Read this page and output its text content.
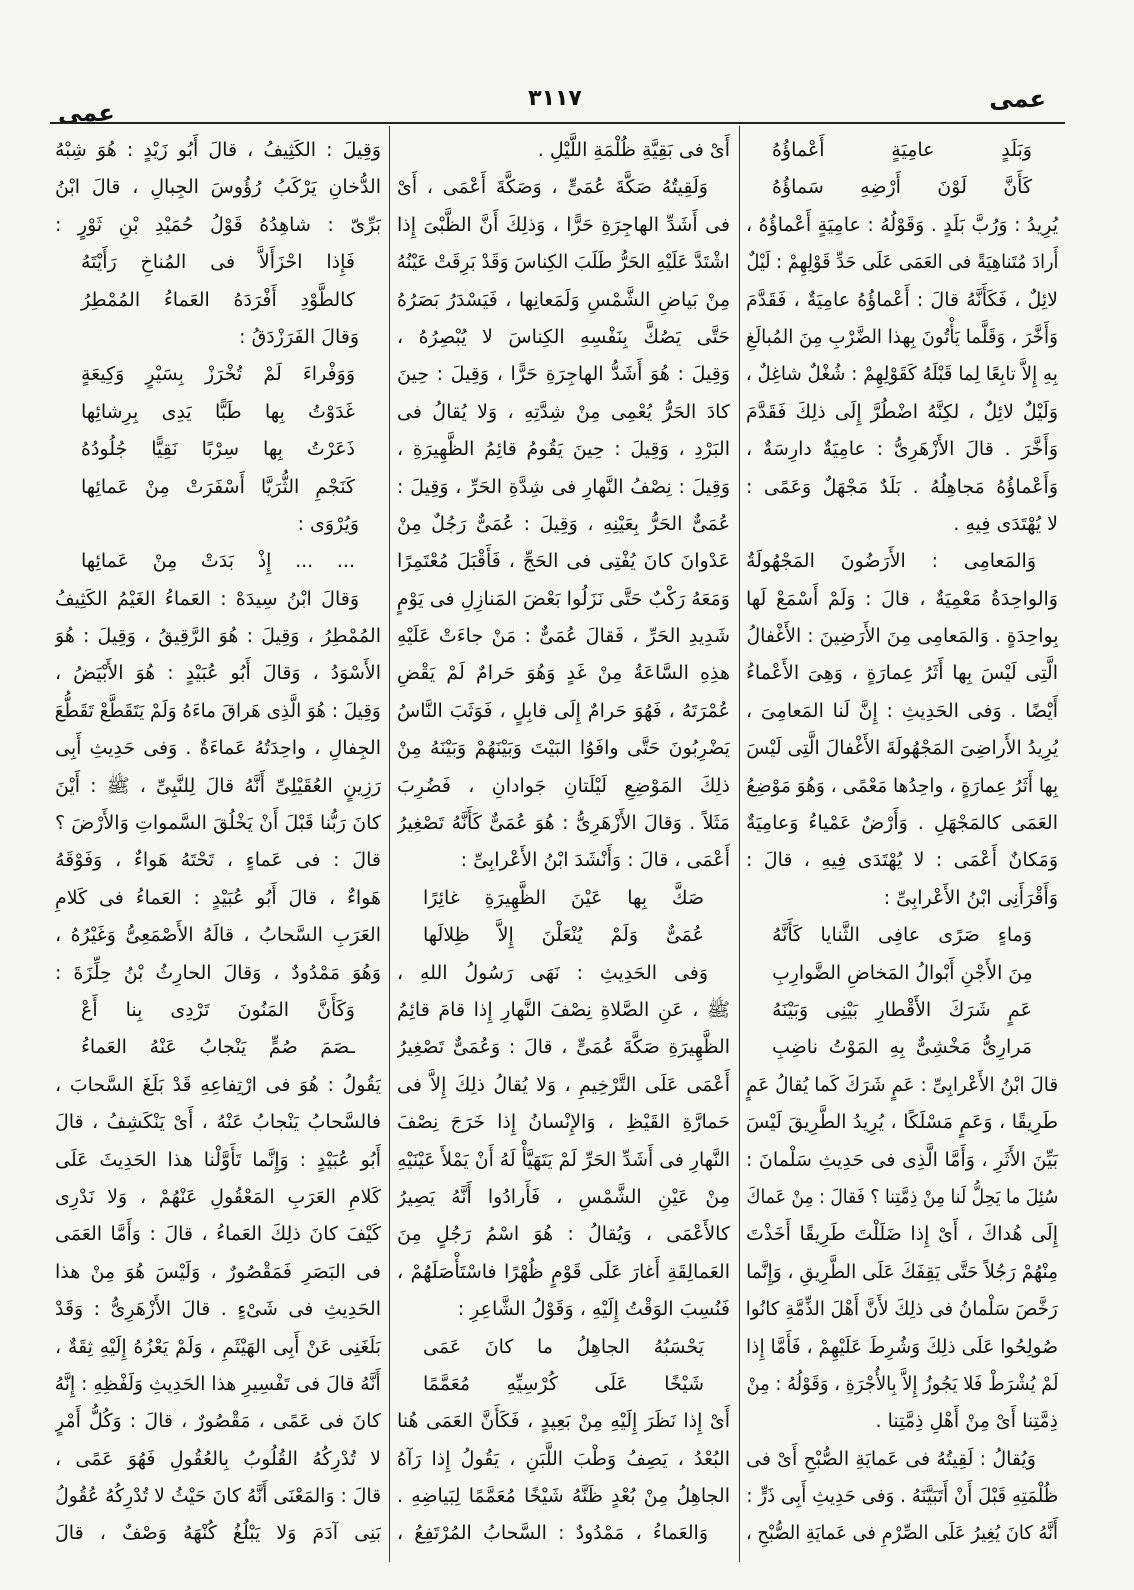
عمى
٣١١٧
عمى
وَبَلَدٍ عامِيَةٍ أَعْماؤُهُ
كَأَنَّ لَوْنَ أَرْضِهِ سَماؤُهُ
يُرِيدُ : وَرُبَّ بَلَدٍ . وَقَوْلُهُ : عامِيَةٍ أَعْماؤُهُ ،
أَرادَ مُتَناهِيَةً فى العَمَى عَلَى حَدِّ قَوْلِهِمْ : لَيْلٌ
لائِلٌ ، فَكَأَنَّهُ قالَ : أَعْماؤُهُ عامِيَةٌ ، فَقَدَّمَ
وَأَخَّرَ ، وَقَلَّما يَأْتُونَ بِهذا الضَّرْبِ مِنَ المُبالَغِ
بِهِ إِلاَّ تابِعًا لِما قَبْلَهُ كَقَوْلِهِمْ : شُغْلٌ شاغِلٌ ،
وَلَيْلٌ لائِلٌ ، لكِنَّهُ اضْطُرَّ إِلَى ذلِكَ فَقَدَّمَ
وَأَخَّرَ . قالَ الأَزْهَرِىُّ : عامِيَةٌ دارِسَةٌ ،
وَأَعْماؤُهُ مَجاهِلُهُ . بَلَدٌ مَجْهَلٌ وَعَمًى :
لا يُهْتَدَى فِيهِ .
وَالمَعامِى : الأَرَضُونَ المَجْهُولَةُ
وَالواحِدَةُ مَعْمِيَةٌ ، قالَ : وَلَمْ أَسْمَعْ لَها
بِواحِدَةٍ . وَالمَعامِى مِنَ الأَرَضِينَ : الأَغْفالُ
الَّتِى لَيْسَ بِها أَثَرُ عِمارَةٍ ، وَهِىَ الأَعْماءُ
أَيْضًا . وَفى الحَدِيثِ : إِنَّ لَنا المَعامِىَ ،
يُرِيدُ الأَراضِىَ المَجْهُولَةَ الأَغْفالَ الَّتِى لَيْسَ
بِها أَثَرُ عِمارَةٍ ، واحِدُها مَعْمًى ، وَهُوَ مَوْضِعُ
العَمَى كالمَجْهَلِ . وَأَرْضٌ عَمْياءُ وَعامِيَةٌ
وَمَكانٌ أَعْمَى : لا يُهْتَدَى فِيهِ ، قالَ :
وَأَقْرَأَنِى ابْنُ الأَعْرابِىِّ :
وَماءٍ صَرًى عافِى الثَّنايا كَأَنَّهُ
مِنَ الأَجْنِ أَبْوالُ المَخاضِ الضَّوارِبِ
عَمٍ شَرَكَ الأَقْطارِ بَيْنِى وَبَيْنَهُ
مَرارِىُّ مَخْشِىٌّ بِهِ المَوْتُ ناضِبِ
قالَ ابْنُ الأَعْرابِىِّ : عَمٍ شَرَكَ كَما يُقالُ عَمٍ
طَرِيقًا ، وَعَمٍ مَسْلَكًا ، يُرِيدُ الطَّرِيقَ لَيْسَ
بَيِّنَ الأَثَرِ ، وَأَمَّا الَّذِى فى حَدِيثِ سَلْمانَ :
سُئِلَ ما يَحِلُّ لَنا مِنْ ذِمَّتِنا ؟ فَقالَ : مِنْ عَماكَ
إِلَى هُداكَ ، أَىْ إِذا ضَلَلْتَ طَرِيقًا أَخَذْتَ
مِنْهُمْ رَجُلاً حَتَّى يَقِفَكَ عَلَى الطَّرِيقِ ، وَإِنَّما
رَخَّصَ سَلْمانُ فى ذلِكَ لأَنَّ أَهْلَ الذِّمَّةِ كانُوا
صُولِحُوا عَلَى ذلِكَ وَشُرِطَ عَلَيْهِمْ ، فَأَمَّا إِذا
لَمْ يُشْرَطْ فَلا يَجُوزُ إِلاَّ بِالأُجْرَةِ ، وَقَوْلُهُ : مِنْ
ذِمَّتِنا أَىْ مِنْ أَهْلِ ذِمَّتِنا .
وَيُقالُ : لَقِيتُهُ فى عَمايَةِ الصُّبْحِ أَىْ فى
ظُلْمَتِهِ قَبْلَ أَنْ أَتَبَيَّنَهُ . وَفى حَدِيثِ أَبِى ذَرٍّ :
أَنَّهُ كانَ يُغِيرُ عَلَى الصِّرْمِ فى عَمايَةِ الصُّبْحِ ،
أَىْ فى بَقِيَّةِ ظُلْمَةِ اللَّيْلِ .
وَلَقِيتُهُ صَكَّةَ عُمَىٍّ ، وَصَكَّةَ أَعْمَى ، أَىْ
فى أَشَدِّ الهاجِرَةِ حَرًّا ، وَذلِكَ أَنَّ الظَّبْىَ إِذا
اشْتَدَّ عَلَيْهِ الحَرُّ طَلَبَ الكِناسَ وَقَدْ بَرِقَتْ عَيْنُهُ
مِنْ بَياضِ الشَّمْسِ وَلَمَعانِها ، فَيَسْدَرُ بَصَرُهُ
حَتَّى يَصُكَّ بِنَفْسِهِ الكِناسَ لا يُبْصِرُهُ ،
وَقِيلَ : هُوَ أَشَدُّ الهاجِرَةِ حَرًّا ، وَقِيلَ : حِينَ
كادَ الحَرُّ يُعْمِى مِنْ شِدَّتِهِ ، وَلا يُقالُ فى
البَرْدِ ، وَقِيلَ : حِينَ يَقُومُ قائِمُ الظَّهِيرَةِ ،
وَقِيلَ : نِصْفُ النَّهارِ فى شِدَّةِ الحَرِّ ، وَقِيلَ :
عُمَىٌّ الحَرُّ بِعَيْنِهِ ، وَقِيلَ : عُمَىٌّ رَجُلٌ مِنْ
عَدْوانَ كانَ يُفْتِى فى الحَجِّ ، فَأَقْبَلَ مُعْتَمِرًا
وَمَعَهُ رَكْبٌ حَتَّى نَزَلُوا بَعْضَ المَنازِلِ فى يَوْمٍ
شَدِيدِ الحَرِّ ، فَقالَ عُمَىٌّ : مَنْ جاءَتْ عَلَيْهِ
هذِهِ السَّاعَةُ مِنْ غَدٍ وَهُوَ حَرامٌ لَمْ يَقْضِ
عُمْرَتَهُ ، فَهُوَ حَرامٌ إِلَى قابِلٍ ، فَوَثَبَ النَّاسُ
يَضْرِبُونَ حَتَّى وافَوُا البَيْتَ وَبَيْنَهُمْ وَبَيْنَهُ مِنْ
ذلِكَ المَوْضِعِ لَيْلَتانِ جَوادانِ ، فَضُرِبَ
مَثَلاً . وَقالَ الأَزْهَرِىُّ : هُوَ عُمَىٌّ كَأَنَّهُ تَصْغِيرُ
أَعْمَى ، قالَ : وَأَنْشَدَ ابْنُ الأَعْرابِىِّ :
صَكَّ بِها عَيْنَ الظَّهِيرَةِ غائِرًا
عُمَىٌّ وَلَمْ يُنْعَلْنَ إِلاَّ ظِلالَها
وَفى الحَدِيثِ : نَهَى رَسُولُ اللهِ ،
ﷺ ، عَنِ الصَّلاةِ نِصْفَ النَّهارِ إِذا قامَ قائِمُ
الظَّهِيرَةِ صَكَّةَ عُمَىٍّ ، قالَ : وَعُمَىٌّ تَصْغِيرُ
أَعْمَى عَلَى التَّرْخِيمِ ، وَلا يُقالُ ذلِكَ إِلاَّ فى
حَمارَّةِ القَيْظِ ، وَالإِنْسانُ إِذا خَرَجَ نِصْفَ
النَّهارِ فى أَشَدِّ الحَرِّ لَمْ يَتَهَيَّأْ لَهُ أَنْ يَمْلأَ عَيْنَيْهِ
مِنْ عَيْنِ الشَّمْسِ ، فَأَرادُوا أَنَّهُ يَصِيرُ
كالأَعْمَى ، وَيُقالُ : هُوَ اسْمُ رَجُلٍ مِنَ
العَمالِقَةِ أَغارَ عَلَى قَوْمٍ ظُهْرًا فاسْتَأْصَلَهُمْ ،
فَنُسِبَ الوَقْتُ إِلَيْهِ ، وَقَوْلُ الشَّاعِرِ :
يَحْسَبُهُ الجاهِلُ ما كانَ عَمَى
شَيْخًا عَلَى كُرْسِيِّهِ مُعَمَّمًا
أَىْ إِذا نَظَرَ إِلَيْهِ مِنْ بَعِيدٍ ، فَكَأَنَّ العَمَى هُنا
البُعْدُ ، يَصِفُ وَطْبَ اللَّبَنِ ، يَقُولُ إِذا رَآهُ
الجاهِلُ مِنْ بُعْدٍ ظَنَّهُ شَيْخًا مُعَمَّمًا لِبَياضِهِ .
وَالعَماءُ ، مَمْدُودٌ : السَّحابُ المُرْتَفِعُ ،
وَقِيلَ : الكَثِيفُ ، قالَ أَبُو زَيْدٍ : هُوَ شِبْهُ
الدُّخانِ يَرْكَبُ رُؤُوسَ الجِبالِ ، قالَ ابْنُ
بَرِّىّ : شاهِدُهُ قَوْلُ حُمَيْدِ بْنِ ثَوْرٍ :
فَإِذا احْزَأَلاَّ فى المُناخِ رَأَيْتَهُ
كالطَّوْدِ أَفْرَدَهُ العَماءُ المُمْطِرُ
وَقالَ الفَرَزْدَقُ :
وَوَفْراءَ لَمْ تُخْرَزْ بِسَيْرٍ وَكِيعَةٍ
غَدَوْتُ بِها طَبًّا يَدِى بِرِشائِها
ذَعَرْتُ بِها سِرْبًا نَقِيًّا جُلُودُهُ
كَنَجْمِ الثُّرَيَّا أَسْفَرَتْ مِنْ عَمائِها
وَيُرْوَى :
... ... إِذْ بَدَتْ مِنْ عَمائِها
وَقالَ ابْنُ سِيدَهْ : العَماءُ الغَيْمُ الكَثِيفُ
المُمْطِرُ ، وَقِيلَ : هُوَ الرَّقِيقُ ، وَقِيلَ : هُوَ
الأَسْوَدُ ، وَقالَ أَبُو عُبَيْدٍ : هُوَ الأَبْيَضُ ،
وَقِيلَ : هُوَ الَّذِى هَراقَ ماءَهُ وَلَمْ يَتَقَطَّعْ تَقَطُّعَ
الجِفالِ ، واحِدَتُهُ عَماءَةٌ . وَفى حَدِيثِ أَبِى
رَزِينٍ العُقَيْلِىِّ أَنَّهُ قالَ لِلنَّبِىِّ ، ﷺ : أَيْنَ
كانَ رَبُّنا قَبْلَ أَنْ يَخْلُقَ السَّمواتِ وَالأَرْضَ ؟
قالَ : فى عَماءٍ ، تَحْتَهُ هَواءٌ ، وَفَوْقَهُ
هَواءٌ ، قالَ أَبُو عُبَيْدٍ : العَماءُ فى كَلامِ
العَرَبِ السَّحابُ ، قالَهُ الأَصْمَعِىُّ وَغَيْرُهُ ،
وَهُوَ مَمْدُودٌ ، وَقالَ الحارِثُ بْنُ حِلِّزَةَ :
وَكَأَنَّ المَنُونَ تَرْدِى بِنا أَعْ
ـصَمَ صُمٍّ يَنْجابُ عَنْهُ العَماءُ
يَقُولُ : هُوَ فى ارْتِفاعِهِ قَدْ بَلَغَ السَّحابَ ،
فالسَّحابُ يَنْجابُ عَنْهُ ، أَىْ يَنْكَشِفُ ، قالَ
أَبُو عُبَيْدٍ : وَإِنَّما تَأَوَّلْنا هذا الحَدِيثَ عَلَى
كَلامِ العَرَبِ المَعْقُولِ عَنْهُمْ ، وَلا نَدْرِى
كَيْفَ كانَ ذلِكَ العَماءُ ، قالَ : وَأَمَّا العَمَى
فى البَصَرِ فَمَقْصُورٌ ، وَلَيْسَ هُوَ مِنْ هذا
الحَدِيثِ فى شَىْءٍ . قالَ الأَزْهَرِىُّ : وَقَدْ
بَلَغَنِى عَنْ أَبِى الهَيْثَمِ ، وَلَمْ يَعْزُهُ إِلَيْهِ ثِقَةٌ ،
أَنَّهُ قالَ فى تَفْسِيرِ هذا الحَدِيثِ وَلَفْظِهِ : إِنَّهُ
كانَ فى عَمًى ، مَقْصُورٌ ، قالَ : وَكُلُّ أَمْرٍ
لا تُدْرِكُهُ القُلُوبُ بِالعُقُولِ فَهُوَ عَمًى ،
قالَ : وَالمَعْنَى أَنَّهُ كانَ حَيْثُ لا تُدْرِكُهُ عُقُولُ
بَنِى آدَمَ وَلا يَبْلُغُ كُنْهَهُ وَصْفٌ ، قالَ
